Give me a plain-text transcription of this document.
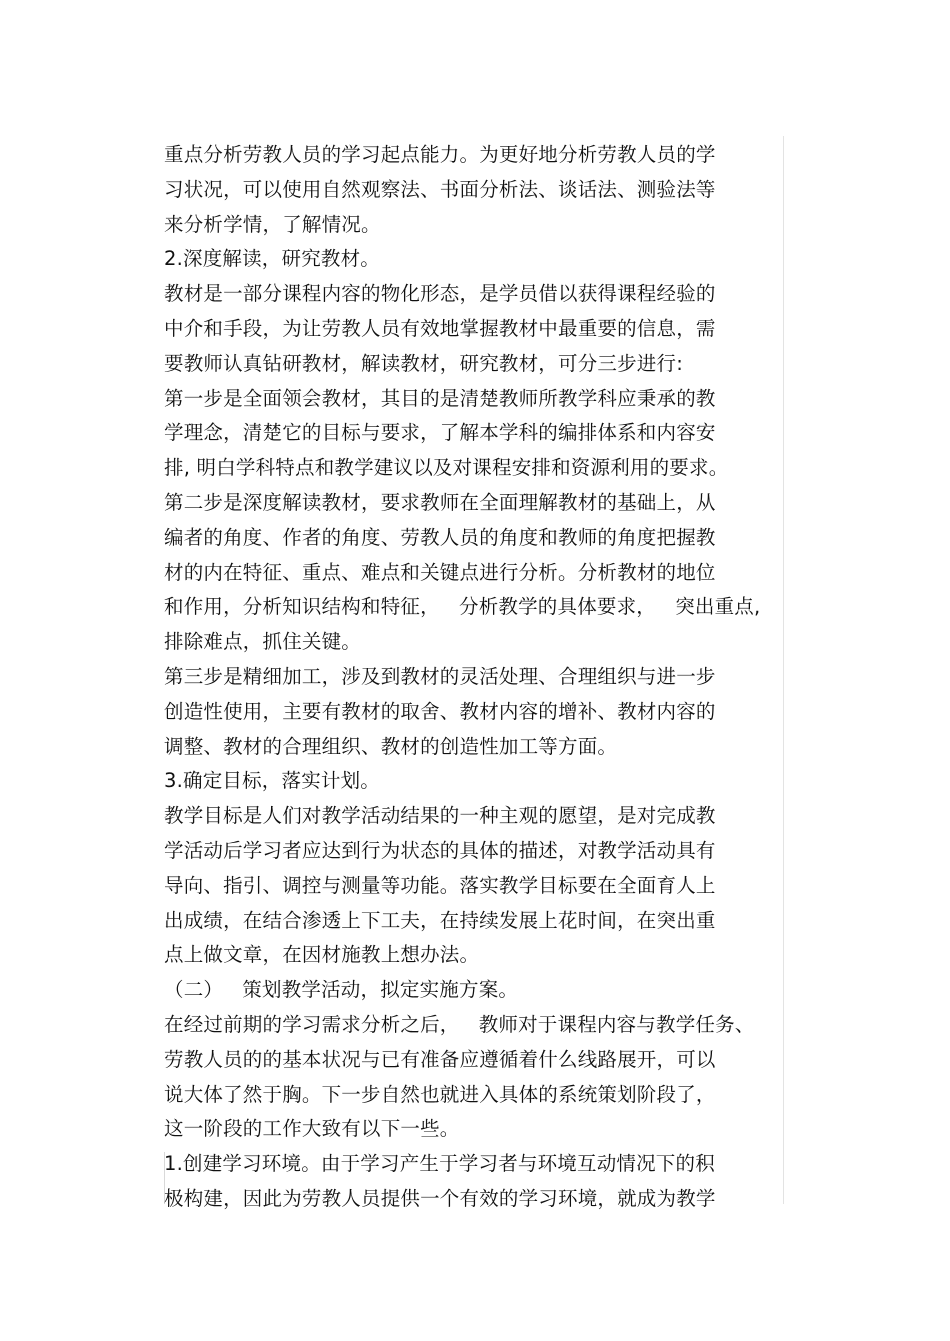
重点分析劳教人员的学习起点能力。为更好地分析劳教人员的学
习状况，可以使用自然观察法、书面分析法、谈话法、测验法等
来分析学情，了解情况。
2.深度解读，研究教材。
教材是一部分课程内容的物化形态，是学员借以获得课程经验的
中介和手段，为让劳教人员有效地掌握教材中最重要的信息，需
要教师认真钻研教材，解读教材，研究教材，可分三步进行:
第一步是全面领会教材，其目的是清楚教师所教学科应秉承的教
学理念，清楚它的目标与要求，了解本学科的编排体系和内容安
排, 明白学科特点和教学建议以及对课程安排和资源利用的要求。
第二步是深度解读教材，要求教师在全面理解教材的基础上，从
编者的角度、作者的角度、劳教人员的角度和教师的角度把握教
材的内在特征、重点、难点和关键点进行分析。分析教材的地位
和作用，分析知识结构和特征，   分析教学的具体要求，   突出重点,
排除难点，抓住关键。
第三步是精细加工，涉及到教材的灵活处理、合理组织与进一步
创造性使用，主要有教材的取舍、教材内容的增补、教材内容的
调整、教材的合理组织、教材的创造性加工等方面。
3.确定目标，落实计划。
教学目标是人们对教学活动结果的一种主观的愿望，是对完成教
学活动后学习者应达到行为状态的具体的描述，对教学活动具有
导向、指引、调控与测量等功能。落实教学目标要在全面育人上
出成绩，在结合渗透上下工夫，在持续发展上花时间，在突出重
点上做文章，在因材施教上想办法。
（二）   策划教学活动，拟定实施方案。
在经过前期的学习需求分析之后，   教师对于课程内容与教学任务、
劳教人员的的基本状况与已有准备应遵循着什么线路展开，可以
说大体了然于胸。下一步自然也就进入具体的系统策划阶段了，
这一阶段的工作大致有以下一些。
1.创建学习环境。由于学习产生于学习者与环境互动情况下的积
极构建，因此为劳教人员提供一个有效的学习环境，就成为教学
